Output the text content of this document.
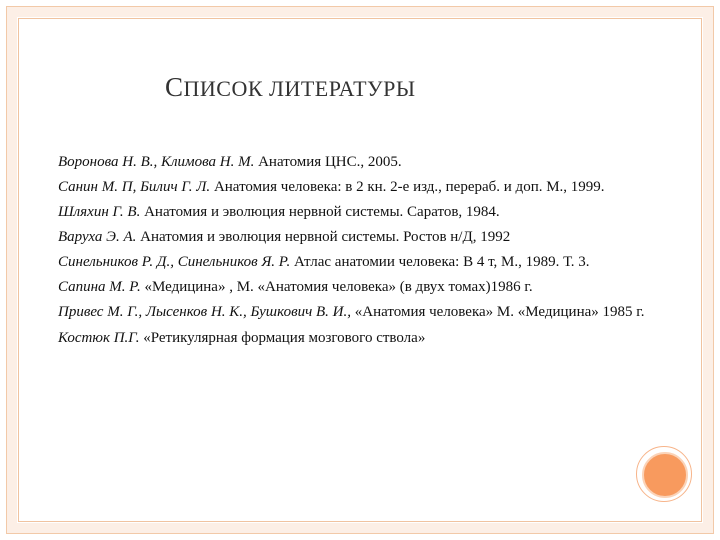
СПИСОК ЛИТЕРАТУРЫ
Воронова Н. В., Климова Н. М. Анатомия ЦНС., 2005.
Санин М. П, Билич Г. Л. Анатомия человека: в 2 кн. 2-е изд., перераб. и доп. М., 1999.
Шляхин Г. В. Анатомия и эволюция нервной системы. Саратов, 1984.
Варуха Э. А. Анатомия и эволюция нервной системы. Ростов н/Д, 1992
Синельников Р. Д., Синельников Я. Р. Атлас анатомии человека: В 4 т, М., 1989. Т. 3.
Сапина М. Р. «Медицина» , М. «Анатомия человека» (в двух томах)1986 г.
Привес М. Г., Лысенков Н. К., Бушкович В. И., «Анатомия человека» М. «Медицина» 1985 г.
Костюк П.Г. «Ретикулярная формация мозгового ствола»
